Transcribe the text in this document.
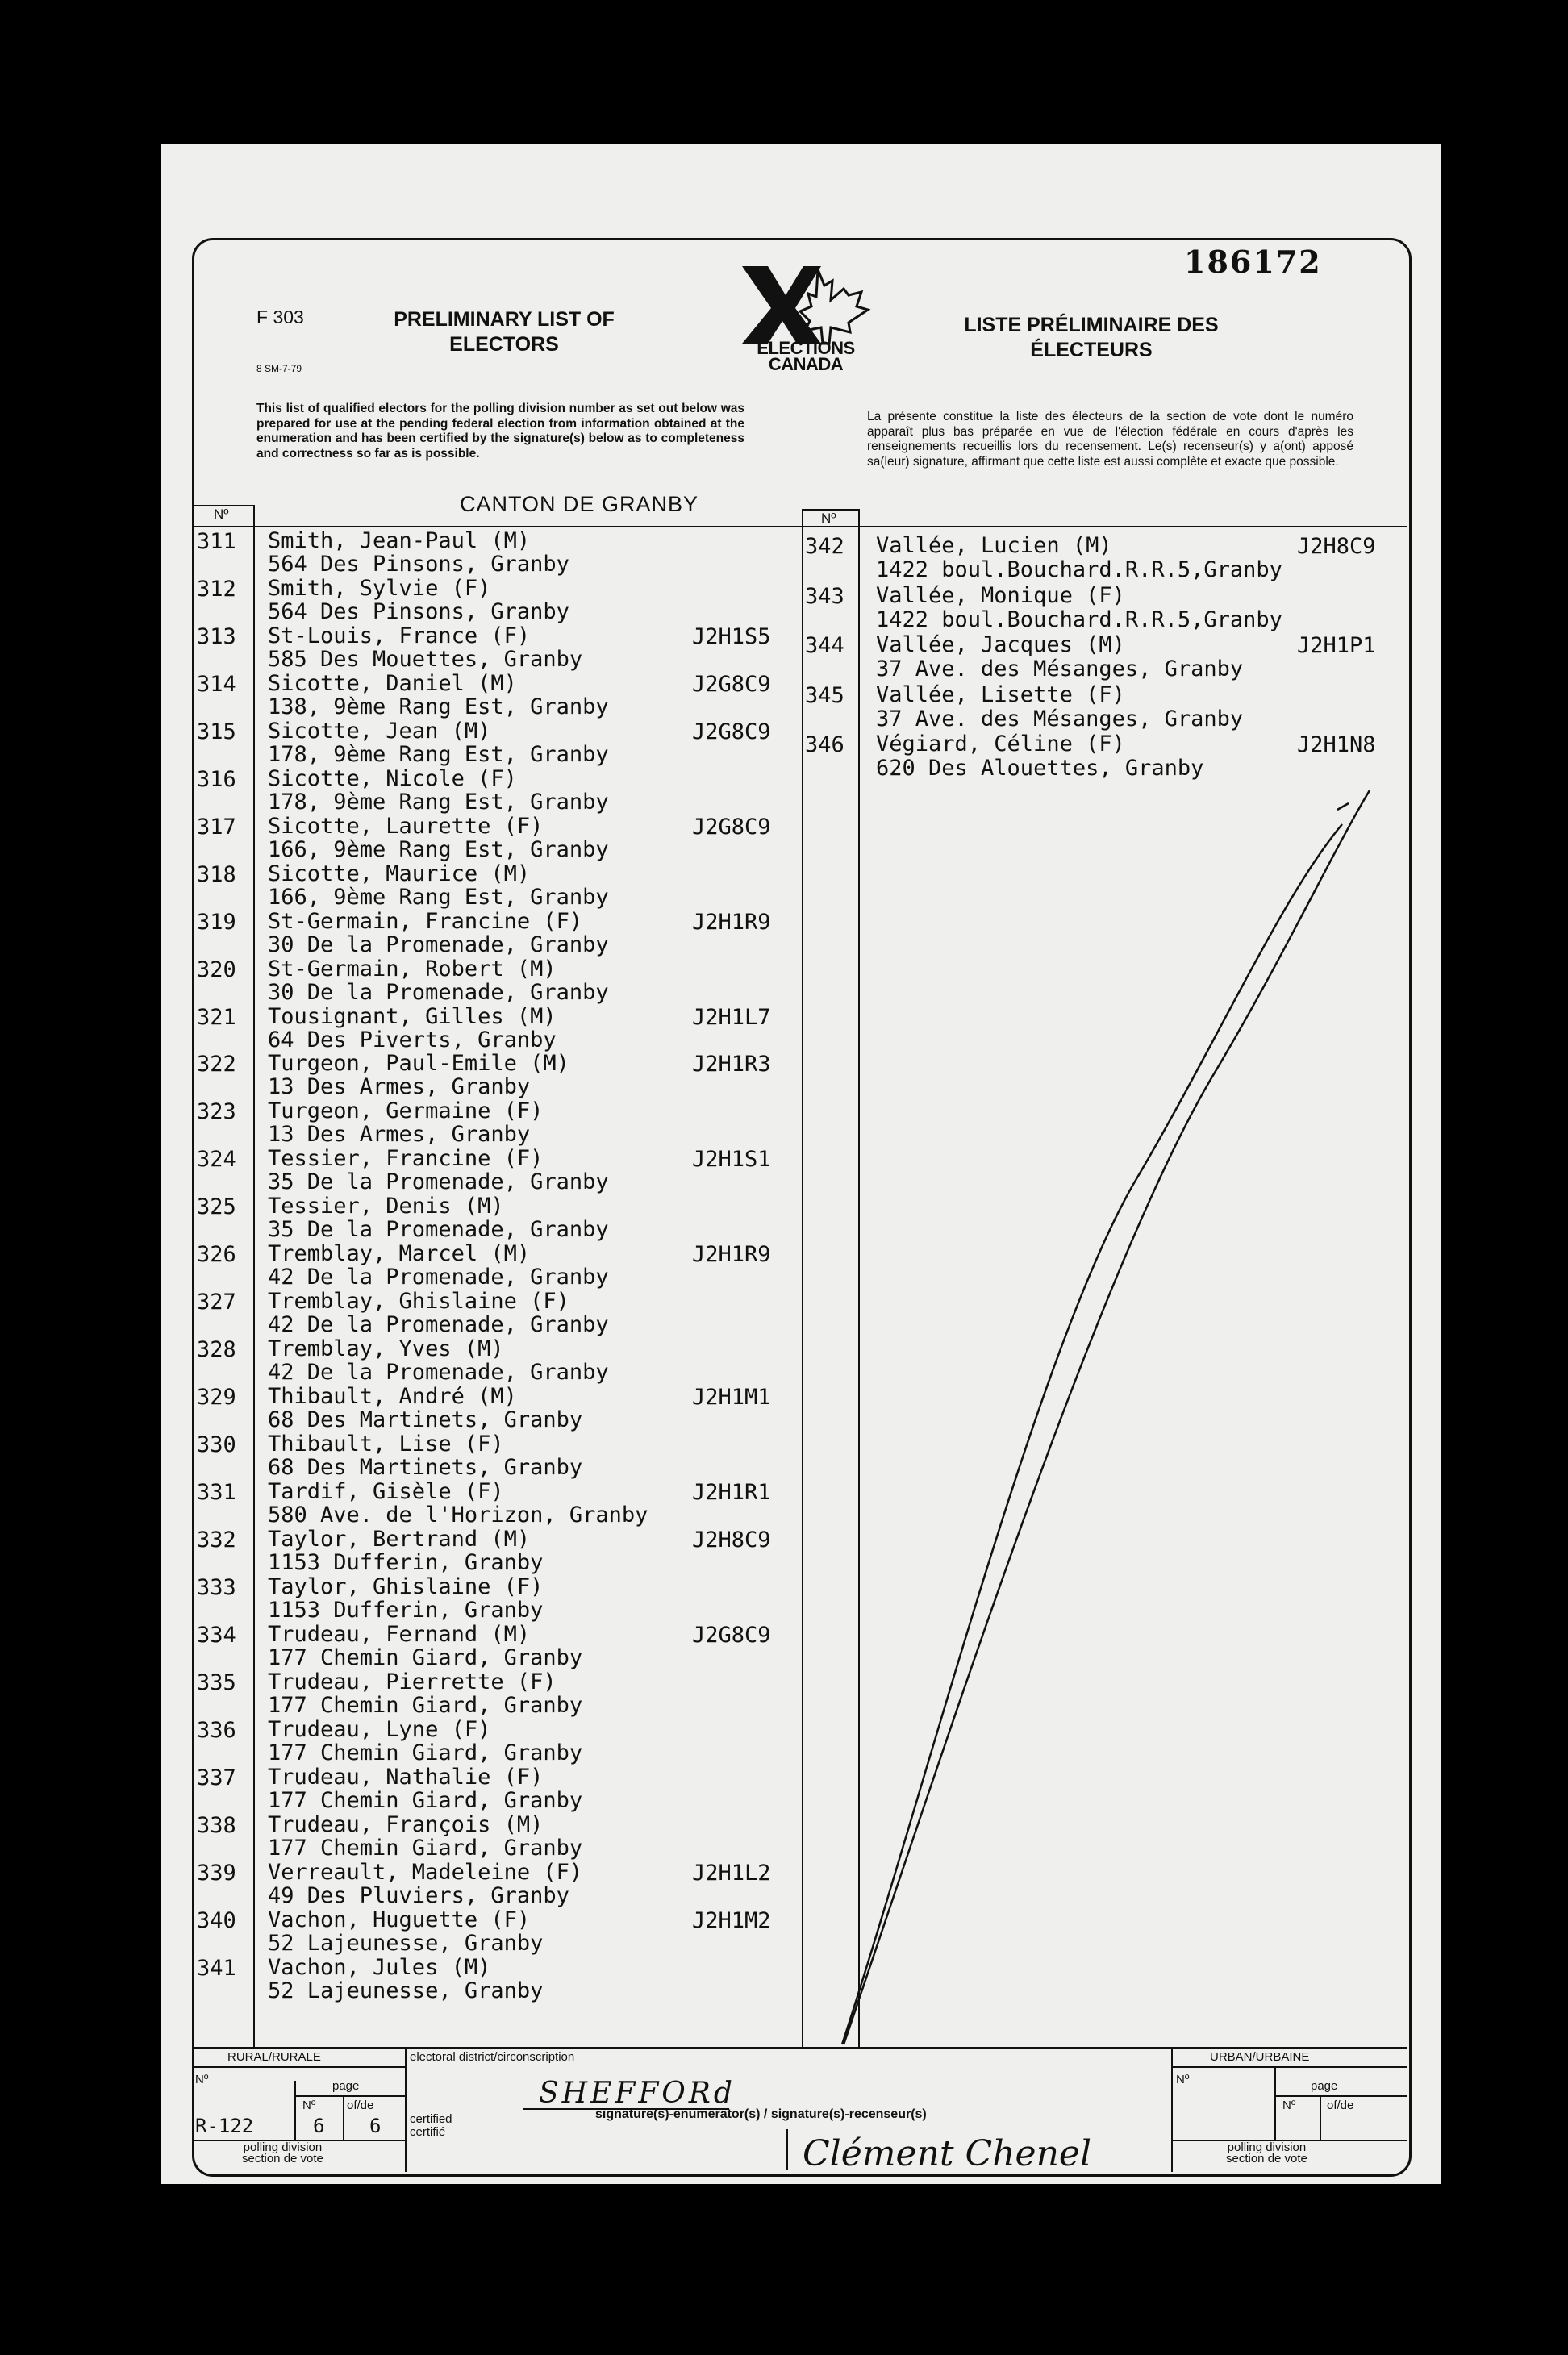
186172
F 303
8 SM-7-79
PRELIMINARY LIST OF ELECTORS
LISTE PRÉLIMINAIRE DES ÉLECTEURS
ELECTIONS CANADA
This list of qualified electors for the polling division number as set out below was prepared for use at the pending federal election from information obtained at the enumeration and has been certified by the signature(s) below as to completeness and correctness so far as is possible.
La présente constitue la liste des électeurs de la section de vote dont le numéro apparaît plus bas préparée en vue de l'élection fédérale en cours d'après les renseignements recueillis lors du recensement. Le(s) recenseur(s) y a(ont) apposé sa(leur) signature, affirmant que cette liste est aussi complète et exacte que possible.
CANTON DE GRANBY
Nº	Nº
311 Smith, Jean-Paul (M)
564 Des Pinsons, Granby
312 Smith, Sylvie (F)
564 Des Pinsons, Granby
313 St-Louis, France (F)
585 Des Mouettes, Granby
J2H1S5
314 Sicotte, Daniel (M)
138, 9ème Rang Est, Granby
J2G8C9
315 Sicotte, Jean (M)
178, 9ème Rang Est, Granby
J2G8C9
316 Sicotte, Nicole (F)
178, 9ème Rang Est, Granby
317 Sicotte, Laurette (F)
166, 9ème Rang Est, Granby
J2G8C9
318 Sicotte, Maurice (M)
166, 9ème Rang Est, Granby
319 St-Germain, Francine (F)
30 De la Promenade, Granby
J2H1R9
320 St-Germain, Robert (M)
30 De la Promenade, Granby
321 Tousignant, Gilles (M)
64 Des Piverts, Granby
J2H1L7
322 Turgeon, Paul-Emile (M)
13 Des Armes, Granby
J2H1R3
323 Turgeon, Germaine (F)
13 Des Armes, Granby
324 Tessier, Francine (F)
35 De la Promenade, Granby
J2H1S1
325 Tessier, Denis (M)
35 De la Promenade, Granby
326 Tremblay, Marcel (M)
42 De la Promenade, Granby
J2H1R9
327 Tremblay, Ghislaine (F)
42 De la Promenade, Granby
328 Tremblay, Yves (M)
42 De la Promenade, Granby
329 Thibault, André (M)
68 Des Martinets, Granby
J2H1M1
330 Thibault, Lise (F)
68 Des Martinets, Granby
331 Tardif, Gisèle (F)
580 Ave. de l'Horizon, Granby
J2H1R1
332 Taylor, Bertrand (M)
1153 Dufferin, Granby
J2H8C9
333 Taylor, Ghislaine (F)
1153 Dufferin, Granby
334 Trudeau, Fernand (M)
177 Chemin Giard, Granby
J2G8C9
335 Trudeau, Pierrette (F)
177 Chemin Giard, Granby
336 Trudeau, Lyne (F)
177 Chemin Giard, Granby
337 Trudeau, Nathalie (F)
177 Chemin Giard, Granby
338 Trudeau, François (M)
177 Chemin Giard, Granby
339 Verreault, Madeleine (F)
49 Des Pluviers, Granby
J2H1L2
340 Vachon, Huguette (F)
52 Lajeunesse, Granby
J2H1M2
341 Vachon, Jules (M)
52 Lajeunesse, Granby
342 Vallée, Lucien (M)
1422 boul.Bouchard.R.R.5,Granby
J2H8C9
343 Vallée, Monique (F)
1422 boul.Bouchard.R.R.5,Granby
344 Vallée, Jacques (M)
37 Ave. des Mésanges, Granby
J2H1P1
345 Vallée, Lisette (F)
37 Ave. des Mésanges, Granby
346 Végiard, Céline (F)
620 Des Alouettes, Granby
J2H1N8
RURAL/RURALE
Nº	page
Nº	of/de
R-122	6 6
polling division
section de vote
electoral district/circonscription
SHEFFORd
signature(s)-enumerator(s) / signature(s)-recenseur(s)
certified
certifié
Clément Chenel
URBAN/URBAINE
Nº	page
Nº	of/de
polling division
section de vote
